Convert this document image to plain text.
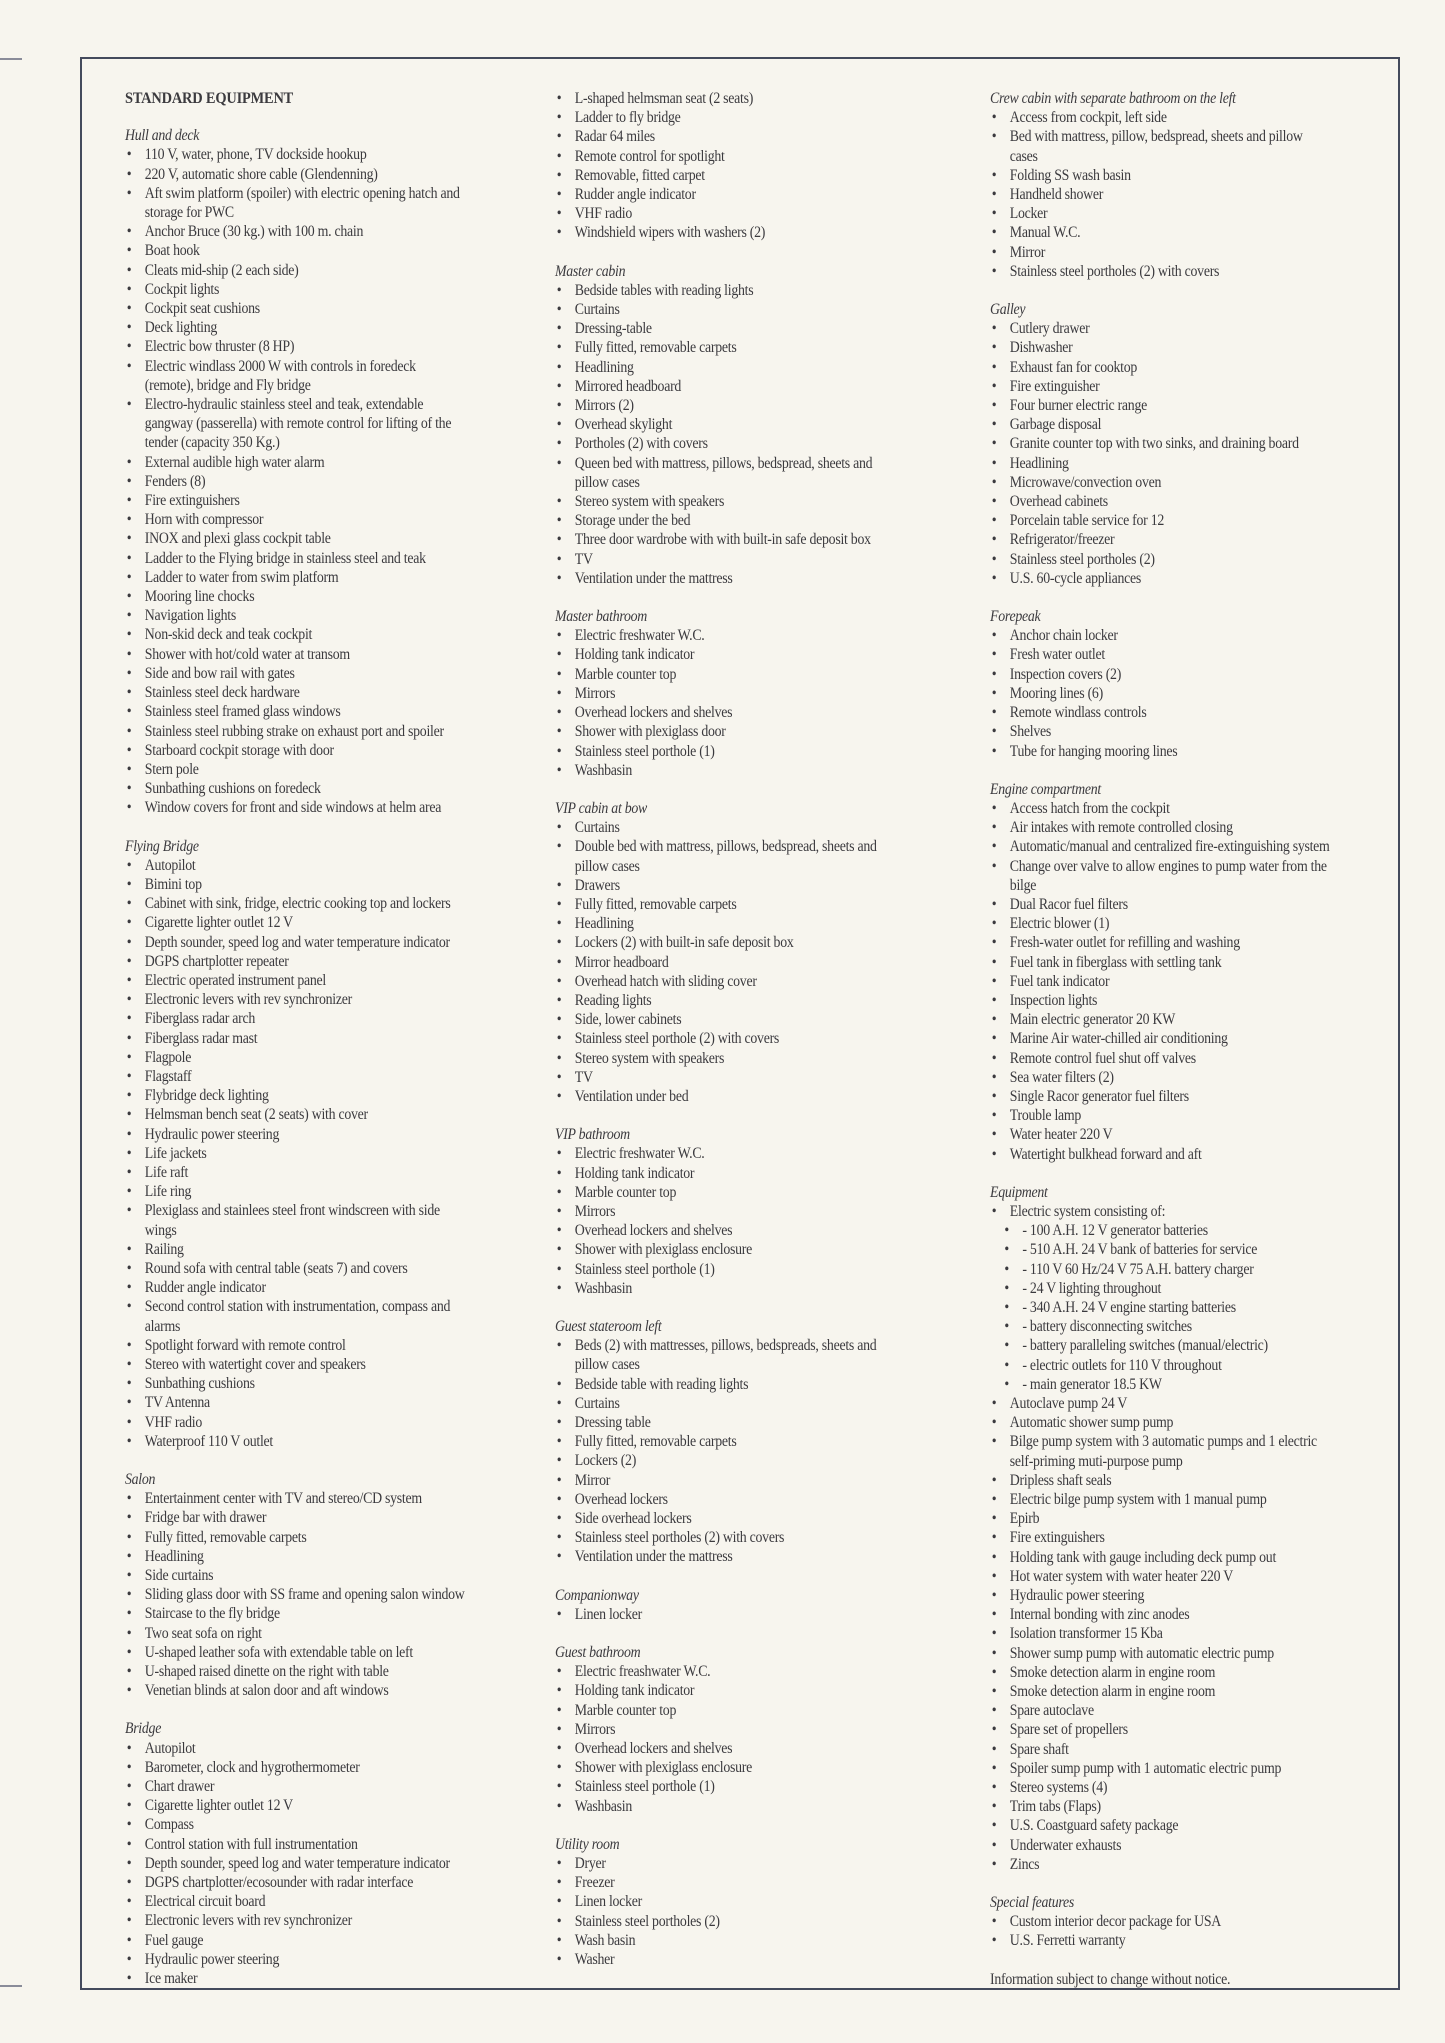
STANDARD EQUIPMENT
Hull and deck
• 110 V, water, phone, TV dockside hookup
• 220 V, automatic shore cable (Glendenning)
• Aft swim platform (spoiler) with electric opening hatch and storage for PWC
• Anchor Bruce (30 kg.) with 100 m. chain
• Boat hook
• Cleats mid-ship (2 each side)
• Cockpit lights
• Cockpit seat cushions
• Deck lighting
• Electric bow thruster (8 HP)
• Electric windlass 2000 W with controls in foredeck (remote), bridge and Fly bridge
• Electro-hydraulic stainless steel and teak, extendable gangway (passerella) with remote control for lifting of the tender (capacity 350 Kg.)
• External audible high water alarm
• Fenders (8)
• Fire extinguishers
• Horn with compressor
• INOX and plexi glass cockpit table
• Ladder to the Flying bridge in stainless steel and teak
• Ladder to water from swim platform
• Mooring line chocks
• Navigation lights
• Non-skid deck and teak cockpit
• Shower with hot/cold water at transom
• Side and bow rail with gates
• Stainless steel deck hardware
• Stainless steel framed glass windows
• Stainless steel rubbing strake on exhaust port and spoiler
• Starboard cockpit storage with door
• Stern pole
• Sunbathing cushions on foredeck
• Window covers for front and side windows at helm area
Flying Bridge
• Autopilot
• Bimini top
• Cabinet with sink, fridge, electric cooking top and lockers
• Cigarette lighter outlet 12 V
• Depth sounder, speed log and water temperature indicator
• DGPS chartplotter repeater
• Electric operated instrument panel
• Electronic levers with rev synchronizer
• Fiberglass radar arch
• Fiberglass radar mast
• Flagpole
• Flagstaff
• Flybridge deck lighting
• Helmsman bench seat (2 seats) with cover
• Hydraulic power steering
• Life jackets
• Life raft
• Life ring
• Plexiglass and stainlees steel front windscreen with side wings
• Railing
• Round sofa with central table (seats 7) and covers
• Rudder angle indicator
• Second control station with instrumentation, compass and alarms
• Spotlight forward with remote control
• Stereo with watertight cover and speakers
• Sunbathing cushions
• TV Antenna
• VHF radio
• Waterproof 110 V outlet
Salon
• Entertainment center with TV and stereo/CD system
• Fridge bar with drawer
• Fully fitted, removable carpets
• Headlining
• Side curtains
• Sliding glass door with SS frame and opening salon window
• Staircase to the fly bridge
• Two seat sofa on right
• U-shaped leather sofa with extendable table on left
• U-shaped raised dinette on the right with table
• Venetian blinds at salon door and aft windows
Bridge
• Autopilot
• Barometer, clock and hygrothermometer
• Chart drawer
• Cigarette lighter outlet 12 V
• Compass
• Control station with full instrumentation
• Depth sounder, speed log and water temperature indicator
• DGPS chartplotter/ecosounder with radar interface
• Electrical circuit board
• Electronic levers with rev synchronizer
• Fuel gauge
• Hydraulic power steering
• Ice maker
• L-shaped helmsman seat (2 seats)
• Ladder to fly bridge
• Radar 64 miles
• Remote control for spotlight
• Removable, fitted carpet
• Rudder angle indicator
• VHF radio
• Windshield wipers with washers (2)
Master cabin
• Bedside tables with reading lights
• Curtains
• Dressing-table
• Fully fitted, removable carpets
• Headlining
• Mirrored headboard
• Mirrors (2)
• Overhead skylight
• Portholes (2) with covers
• Queen bed with mattress, pillows, bedspread, sheets and pillow cases
• Stereo system with speakers
• Storage under the bed
• Three door wardrobe with with built-in safe deposit box
• TV
• Ventilation under the mattress
Master bathroom
• Electric freshwater W.C.
• Holding tank indicator
• Marble counter top
• Mirrors
• Overhead lockers and shelves
• Shower with plexiglass door
• Stainless steel porthole (1)
• Washbasin
VIP cabin at bow
• Curtains
• Double bed with mattress, pillows, bedspread, sheets and pillow cases
• Drawers
• Fully fitted, removable carpets
• Headlining
• Lockers (2) with built-in safe deposit box
• Mirror headboard
• Overhead hatch with sliding cover
• Reading lights
• Side, lower cabinets
• Stainless steel porthole (2) with covers
• Stereo system with speakers
• TV
• Ventilation under bed
VIP bathroom
• Electric freshwater W.C.
• Holding tank indicator
• Marble counter top
• Mirrors
• Overhead lockers and shelves
• Shower with plexiglass enclosure
• Stainless steel porthole (1)
• Washbasin
Guest stateroom left
• Beds (2) with mattresses, pillows, bedspreads, sheets and pillow cases
• Bedside table with reading lights
• Curtains
• Dressing table
• Fully fitted, removable carpets
• Lockers (2)
• Mirror
• Overhead lockers
• Side overhead lockers
• Stainless steel portholes (2) with covers
• Ventilation under the mattress
Companionway
• Linen locker
Guest bathroom
• Electric freashwater W.C.
• Holding tank indicator
• Marble counter top
• Mirrors
• Overhead lockers and shelves
• Shower with plexiglass enclosure
• Stainless steel porthole (1)
• Washbasin
Utility room
• Dryer
• Freezer
• Linen locker
• Stainless steel portholes (2)
• Wash basin
• Washer
Crew cabin with separate bathroom on the left
• Access from cockpit, left side
• Bed with mattress, pillow, bedspread, sheets and pillow cases
• Folding SS wash basin
• Handheld shower
• Locker
• Manual W.C.
• Mirror
• Stainless steel portholes (2) with covers
Galley
• Cutlery drawer
• Dishwasher
• Exhaust fan for cooktop
• Fire extinguisher
• Four burner electric range
• Garbage disposal
• Granite counter top with two sinks, and draining board
• Headlining
• Microwave/convection oven
• Overhead cabinets
• Porcelain table service for 12
• Refrigerator/freezer
• Stainless steel portholes (2)
• U.S. 60-cycle appliances
Forepeak
• Anchor chain locker
• Fresh water outlet
• Inspection covers (2)
• Mooring lines (6)
• Remote windlass controls
• Shelves
• Tube for hanging mooring lines
Engine compartment
• Access hatch from the cockpit
• Air intakes with remote controlled closing
• Automatic/manual and centralized fire-extinguishing system
• Change over valve to allow engines to pump water from the bilge
• Dual Racor fuel filters
• Electric blower (1)
• Fresh-water outlet for refilling and washing
• Fuel tank in fiberglass with settling tank
• Fuel tank indicator
• Inspection lights
• Main electric generator 20 KW
• Marine Air water-chilled air conditioning
• Remote control fuel shut off valves
• Sea water filters (2)
• Single Racor generator fuel filters
• Trouble lamp
• Water heater 220 V
• Watertight bulkhead forward and aft
Equipment
• Electric system consisting of:
• - 100 A.H. 12 V generator batteries
• - 510 A.H. 24 V bank of batteries for service
• - 110 V 60 Hz/24 V 75 A.H. battery charger
• - 24 V lighting throughout
• - 340 A.H. 24 V engine starting batteries
• - battery disconnecting switches
• - battery paralleling switches (manual/electric)
• - electric outlets for 110 V throughout
• - main generator 18.5 KW
• Autoclave pump 24 V
• Automatic shower sump pump
• Bilge pump system with 3 automatic pumps and 1 electric self-priming muti-purpose pump
• Dripless shaft seals
• Electric bilge pump system with 1 manual pump
• Epirb
• Fire extinguishers
• Holding tank with gauge including deck pump out
• Hot water system with water heater 220 V
• Hydraulic power steering
• Internal bonding with zinc anodes
• Isolation transformer 15 Kba
• Shower sump pump with automatic electric pump
• Smoke detection alarm in engine room
• Smoke detection alarm in engine room
• Spare autoclave
• Spare set of propellers
• Spare shaft
• Spoiler sump pump with 1 automatic electric pump
• Stereo systems (4)
• Trim tabs (Flaps)
• U.S. Coastguard safety package
• Underwater exhausts
• Zincs
Special features
• Custom interior decor package for USA
• U.S. Ferretti warranty
Information subject to change without notice.
